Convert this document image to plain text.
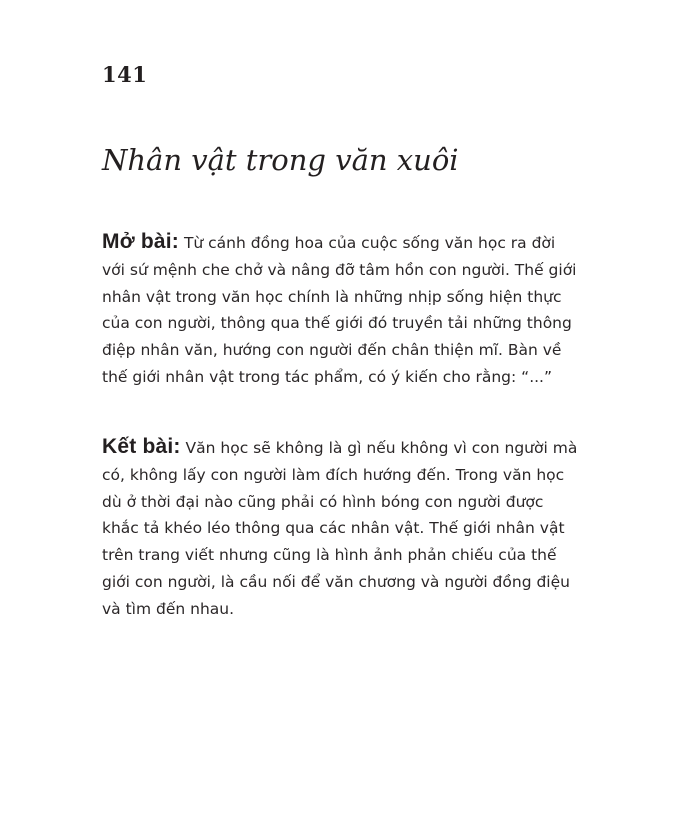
141
Nhân vật trong văn xuôi
Mở bài: Từ cánh đồng hoa của cuộc sống văn học ra đời
với sứ mệnh che chở và nâng đỡ tâm hồn con người. Thế giới
nhân vật trong văn học chính là những nhịp sống hiện thực
của con người, thông qua thế giới đó truyền tải những thông
điệp nhân văn, hướng con người đến chân thiện mĩ. Bàn về
thế giới nhân vật trong tác phẩm, có ý kiến cho rằng: “...”
Kết bài: Văn học sẽ không là gì nếu không vì con người mà
có, không lấy con người làm đích hướng đến. Trong văn học
dù ở thời đại nào cũng phải có hình bóng con người được
khắc tả khéo léo thông qua các nhân vật. Thế giới nhân vật
trên trang viết nhưng cũng là hình ảnh phản chiếu của thế
giới con người, là cầu nối để văn chương và người đồng điệu
và tìm đến nhau.
